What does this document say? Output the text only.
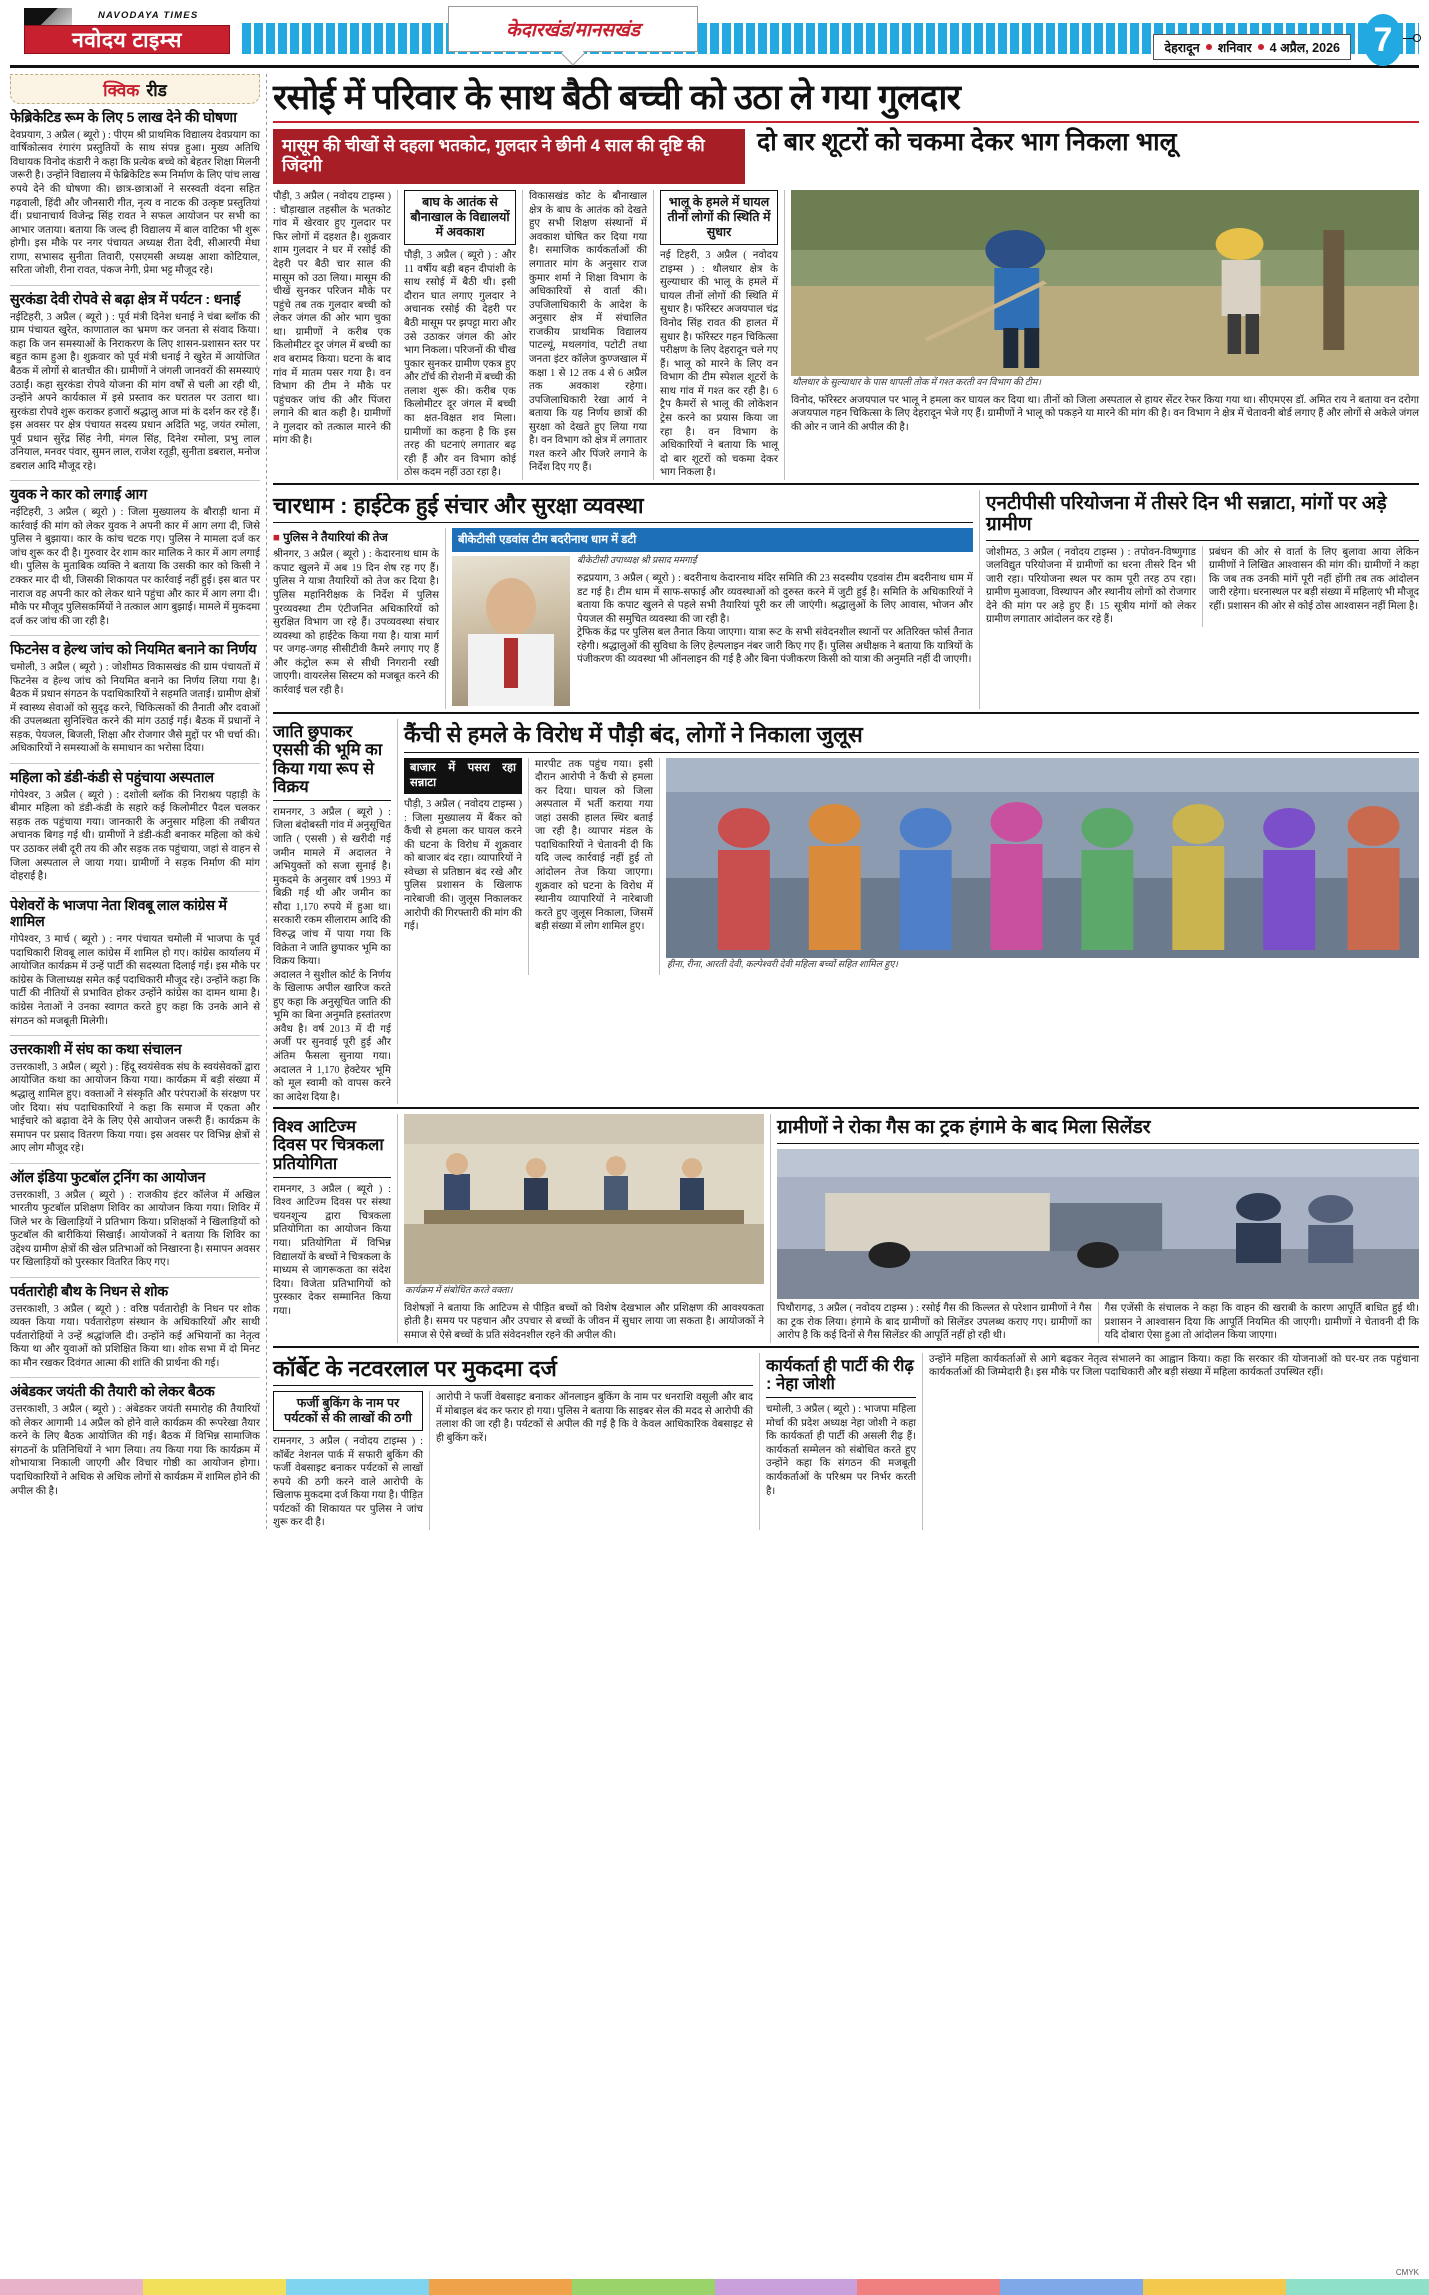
NAVODAYA TIMES
नवोदय टाइम्स	केदारखंड/मानसखंड
देहरादून शनिवार 4 अप्रैल, 2026 7
क्विक रीड
फेब्रिकेटिड रूम के लिए 5 लाख देने की घोषणा
देवप्रयाग, 3 अप्रैल ( ब्यूरो ) : पीएम श्री प्राथमिक विद्यालय देवप्रयाग का वार्षिकोत्सव रंगारंग प्रस्तुतियों के साथ संपन्न हुआ। मुख्य अतिथि विधायक विनोद कंडारी ने कहा कि प्रत्येक बच्चे को बेहतर शिक्षा मिलनी जरूरी है। उन्होंने विद्यालय में फेब्रिकेटिड रूम निर्माण के लिए पांच लाख रुपये देने की घोषणा की। छात्र-छात्राओं ने सरस्वती वंदना सहित गढ़वाली, हिंदी और जौनसारी गीत, नृत्य व नाटक की उत्कृष्ट प्रस्तुतियां दीं। प्रधानाचार्य विजेन्द्र सिंह रावत ने सफल आयोजन पर सभी का आभार जताया। बताया कि जल्द ही विद्यालय में बाल वाटिका भी शुरू होगी। इस मौके पर नगर पंचायत अध्यक्ष रीता देवी, सीआरपी मेधा राणा, सभासद सुनीता तिवारी, एसएमसी अध्यक्ष आशा कोटियाल, सरिता जोशी, रीना रावत, पंकज नेगी, प्रेमा भट्ट मौजूद रहे।
सुरकंडा देवी रोपवे से बढ़ा क्षेत्र में पर्यटन : धनाई
नईटिहरी, 3 अप्रैल ( ब्यूरो ) : पूर्व मंत्री दिनेश धनाई ने चंबा ब्लॉक की ग्राम पंचायत खुरेत, काणाताल का भ्रमण कर जनता से संवाद किया। कहा कि जन समस्याओं के निराकरण के लिए शासन-प्रशासन स्तर पर बहुत काम हुआ है। शुक्रवार को पूर्व मंत्री धनाई ने खुरेत में आयोजित बैठक में लोगों से बातचीत की। ग्रामीणों ने जंगली जानवरों की समस्याएं उठाईं। कहा सुरकंडा रोपवे योजना की मांग वर्षों से चली आ रही थी, उन्होंने अपने कार्यकाल में इसे प्रस्ताव कर घरातल पर उतारा था। सुरकंडा रोपवे शुरू कराकर हजारों श्रद्धालु आज मां के दर्शन कर रहे हैं। इस अवसर पर क्षेत्र पंचायत सदस्य प्रधान अदिति भट्ट, जयंत रमोला, पूर्व प्रधान सुरेंद्र सिंह नेगी, मंगल सिंह, दिनेश रमोला, प्रभु लाल उनियाल, मनवर पंवार, सुमन लाल, राजेश रतूड़ी, सुनीता डबराल, मनोज डबराल आदि मौजूद रहे।
युवक ने कार को लगाई आग
नईटिहरी, 3 अप्रैल ( ब्यूरो ) : जिला मुख्यालय के बौराड़ी थाना में कार्रवाई की मांग को लेकर युवक ने अपनी कार में आग लगा दी, जिसे पुलिस ने बुझाया। कार के कांच चटक गए। पुलिस ने मामला दर्ज कर जांच शुरू कर दी है। गुरुवार देर शाम कार मालिक ने कार में आग लगाई थी। पुलिस के मुताबिक व्यक्ति ने बताया कि उसकी कार को किसी ने टक्कर मार दी थी, जिसकी शिकायत पर कार्रवाई नहीं हुई। इस बात पर नाराज वह अपनी कार को लेकर थाने पहुंचा और कार में आग लगा दी। मौके पर मौजूद पुलिसकर्मियों ने तत्काल आग बुझाई। मामले में मुकदमा दर्ज कर जांच की जा रही है।
फिटनेस व हेल्थ जांच को नियमित बनाने का निर्णय
चमोली, 3 अप्रैल ( ब्यूरो ) : जोशीमठ विकासखंड की ग्राम पंचायतों में फिटनेस व हेल्थ जांच को नियमित बनाने का निर्णय लिया गया है। बैठक में प्रधान संगठन के पदाधिकारियों ने सहमति जताई। ग्रामीण क्षेत्रों में स्वास्थ्य सेवाओं को सुदृढ़ करने, चिकित्सकों की तैनाती और दवाओं की उपलब्धता सुनिश्चित करने की मांग उठाई गई। बैठक में प्रधानों ने सड़क, पेयजल, बिजली, शिक्षा और रोजगार जैसे मुद्दों पर भी चर्चा की। अधिकारियों ने समस्याओं के समाधान का भरोसा दिया।
महिला को डंडी-कंडी से पहुंचाया अस्पताल
गोपेश्वर, 3 अप्रैल ( ब्यूरो ) : दशोली ब्लॉक की निराश्रय पहाड़ी के बीमार महिला को डंडी-कंडी के सहारे कई किलोमीटर पैदल चलकर सड़क तक पहुंचाया गया। जानकारी के अनुसार महिला की तबीयत अचानक बिगड़ गई थी। ग्रामीणों ने डंडी-कंडी बनाकर महिला को कंधे पर उठाकर लंबी दूरी तय की और सड़क तक पहुंचाया, जहां से वाहन से जिला अस्पताल ले जाया गया। ग्रामीणों ने सड़क निर्माण की मांग दोहराई है।
पेशेवरों के भाजपा नेता शिवबू लाल कांग्रेस में शामिल
गोपेश्वर, 3 मार्च ( ब्यूरो ) : नगर पंचायत चमोली में भाजपा के पूर्व पदाधिकारी शिवबू लाल कांग्रेस में शामिल हो गए। कांग्रेस कार्यालय में आयोजित कार्यक्रम में उन्हें पार्टी की सदस्यता दिलाई गई। इस मौके पर कांग्रेस के जिलाध्यक्ष समेत कई पदाधिकारी मौजूद रहे। उन्होंने कहा कि पार्टी की नीतियों से प्रभावित होकर उन्होंने कांग्रेस का दामन थामा है। कांग्रेस नेताओं ने उनका स्वागत करते हुए कहा कि उनके आने से संगठन को मजबूती मिलेगी।
उत्तरकाशी में संघ का कथा संचालन
उत्तरकाशी, 3 अप्रैल ( ब्यूरो ) : हिंदू स्वयंसेवक संघ के स्वयंसेवकों द्वारा आयोजित कथा का आयोजन किया गया। कार्यक्रम में बड़ी संख्या में श्रद्धालु शामिल हुए। वक्ताओं ने संस्कृति और परंपराओं के संरक्षण पर जोर दिया। संघ पदाधिकारियों ने कहा कि समाज में एकता और भाईचारे को बढ़ावा देने के लिए ऐसे आयोजन जरूरी हैं। कार्यक्रम के समापन पर प्रसाद वितरण किया गया। इस अवसर पर विभिन्न क्षेत्रों से आए लोग मौजूद रहे।
ऑल इंडिया फुटबॉल ट्रनिंग का आयोजन
उत्तरकाशी, 3 अप्रैल ( ब्यूरो ) : राजकीय इंटर कॉलेज में अखिल भारतीय फुटबॉल प्रशिक्षण शिविर का आयोजन किया गया। शिविर में जिले भर के खिलाड़ियों ने प्रतिभाग किया। प्रशिक्षकों ने खिलाड़ियों को फुटबॉल की बारीकियां सिखाईं। आयोजकों ने बताया कि शिविर का उद्देश्य ग्रामीण क्षेत्रों की खेल प्रतिभाओं को निखारना है। समापन अवसर पर खिलाड़ियों को पुरस्कार वितरित किए गए।
पर्वतारोही बौथ के निधन से शोक
उत्तरकाशी, 3 अप्रैल ( ब्यूरो ) : वरिष्ठ पर्वतारोही के निधन पर शोक व्यक्त किया गया। पर्वतारोहण संस्थान के अधिकारियों और साथी पर्वतारोहियों ने उन्हें श्रद्धांजलि दी। उन्होंने कई अभियानों का नेतृत्व किया था और युवाओं को प्रशिक्षित किया था। शोक सभा में दो मिनट का मौन रखकर दिवंगत आत्मा की शांति की प्रार्थना की गई।
अंबेडकर जयंती की तैयारी को लेकर बैठक
उत्तरकाशी, 3 अप्रैल ( ब्यूरो ) : अंबेडकर जयंती समारोह की तैयारियों को लेकर आगामी 14 अप्रैल को होने वाले कार्यक्रम की रूपरेखा तैयार करने के लिए बैठक आयोजित की गई। बैठक में विभिन्न सामाजिक संगठनों के प्रतिनिधियों ने भाग लिया। तय किया गया कि कार्यक्रम में शोभायात्रा निकाली जाएगी और विचार गोष्ठी का आयोजन होगा। पदाधिकारियों ने अधिक से अधिक लोगों से कार्यक्रम में शामिल होने की अपील की है।
रसोई में परिवार के साथ बैठी बच्ची को उठा ले गया गुलदार
मासूम की चीखों से दहला भतकोट, गुलदार ने छीनी 4 साल की दृष्टि की जिंदगी
दो बार शूटरों को चकमा देकर भाग निकला भालू
पौड़ी, 3 अप्रैल ( नवोदय टाइम्स ) : चौड़ाखाल तहसील के भतकोट गांव में खेरवार हुए गुलदार पर फिर लोगों में दहशत है। शुक्रवार शाम गुलदार ने घर में रसोई की देहरी पर बैठी चार साल की मासूम को उठा लिया। मासूम की चीखें सुनकर परिजन मौके पर पहुंचे तब तक गुलदार बच्ची को लेकर जंगल की ओर भाग चुका था। ग्रामीणों ने करीब एक किलोमीटर दूर जंगल में बच्ची का शव बरामद किया। घटना के बाद गांव में मातम पसर गया है। वन विभाग की टीम ने मौके पर पहुंचकर जांच की और पिंजरा लगाने की बात कही है। ग्रामीणों ने गुलदार को तत्काल मारने की मांग की है।
बाघ के आतंक से बौनाखाल के विद्यालयों में अवकाश
पौड़ी, 3 अप्रैल ( ब्यूरो ) : और 11 वर्षीय बड़ी बहन दीपांशी के साथ रसोई में बैठी थी। इसी दौरान घात लगाए गुलदार ने अचानक रसोई की देहरी पर बैठी मासूम पर झपट्टा मारा और उसे उठाकर जंगल की ओर भाग निकला। परिजनों की चीख पुकार सुनकर ग्रामीण एकत्र हुए और टॉर्च की रोशनी में बच्ची की तलाश शुरू की। करीब एक किलोमीटर दूर जंगल में बच्ची का क्षत-विक्षत शव मिला। ग्रामीणों का कहना है कि इस तरह की घटनाएं लगातार बढ़ रही हैं और वन विभाग कोई ठोस कदम नहीं उठा रहा है।
विकासखंड कोट के बौनाखाल क्षेत्र के बाघ के आतंक को देखते हुए सभी शिक्षण संस्थानों में अवकाश घोषित कर दिया गया है। समाजिक कार्यकर्ताओं की लगातार मांग के अनुसार राज कुमार शर्मा ने शिक्षा विभाग के अधिकारियों से वार्ता की। उपजिलाधिकारी के आदेश के अनुसार क्षेत्र में संचालित राजकीय प्राथमिक विद्यालय पाटल्यूं, मथलगांव, पटोटी तथा जनता इंटर कॉलेज कुण्जखाल में कक्षा 1 से 12 तक 4 से 6 अप्रैल तक अवकाश रहेगा। उपजिलाधिकारी रेखा आर्य ने बताया कि यह निर्णय छात्रों की सुरक्षा को देखते हुए लिया गया है। वन विभाग को क्षेत्र में लगातार गश्त करने और पिंजरे लगाने के निर्देश दिए गए हैं।
भालू के हमले में घायल तीनों लोगों की स्थिति में सुधार
नई टिहरी, 3 अप्रैल ( नवोदय टाइम्स ) : थौलधार क्षेत्र के सुल्याधार की भालू के हमले में घायल तीनों लोगों की स्थिति में सुधार है। फॉरेस्टर अजयपाल चंद्र विनोद सिंह रावत की हालत में सुधार है। फॉरेस्टर गहन चिकित्सा परीक्षण के लिए देहरादून चले गए हैं। भालू को मारने के लिए वन विभाग की टीम स्पेशल शूटरों के साथ गांव में गश्त कर रही है। 6 ट्रैप कैमरों से भालू की लोकेशन ट्रेस करने का प्रयास किया जा रहा है। वन विभाग के अधिकारियों ने बताया कि भालू दो बार शूटरों को चकमा देकर भाग निकला है।
थौलधार के सुल्याधार के पास थापली तोक में गश्त करती वन विभाग की टीम।
विनोद, फॉरेस्टर अजयपाल पर भालू ने हमला कर घायल कर दिया था। तीनों को जिला अस्पताल से हायर सेंटर रेफर किया गया था। सीएमएस डॉ. अमित राय ने बताया वन दरोगा अजयपाल गहन चिकित्सा के लिए देहरादून भेजे गए हैं। ग्रामीणों ने भालू को पकड़ने या मारने की मांग की है। वन विभाग ने क्षेत्र में चेतावनी बोर्ड लगाए हैं और लोगों से अकेले जंगल की ओर न जाने की अपील की है।
चारधाम : हाईटेक हुई संचार और सुरक्षा व्यवस्था
■ पुलिस ने तैयारियां की तेज
श्रीनगर, 3 अप्रैल ( ब्यूरो ) : केदारनाथ धाम के कपाट खुलने में अब 19 दिन शेष रह गए हैं। पुलिस ने यात्रा तैयारियों को तेज कर दिया है। पुलिस महानिरीक्षक के निर्देश में पुलिस पुरव्यवस्था टीम एंटीजनित अधिकारियों को सुरक्षित विभाग जा रहे हैं। उपव्यवस्था संचार व्यवस्था को हाईटेक किया गया है। यात्रा मार्ग पर जगह-जगह सीसीटीवी कैमरे लगाए गए हैं और कंट्रोल रूम से सीधी निगरानी रखी जाएगी। वायरलेस सिस्टम को मजबूत करने की कार्रवाई चल रही है।
बीकेटीसी एडवांस टीम बदरीनाथ धाम में डटी
बीकेटीसी उपाध्यक्ष श्री प्रसाद ममगाईं
रुद्रप्रयाग, 3 अप्रैल ( ब्यूरो ) : बदरीनाथ केदारनाथ मंदिर समिति की 23 सदस्यीय एडवांस टीम बदरीनाथ धाम में डट गई है। टीम धाम में साफ-सफाई और व्यवस्थाओं को दुरुस्त करने में जुटी हुई है। समिति के अधिकारियों ने बताया कि कपाट खुलने से पहले सभी तैयारियां पूरी कर ली जाएंगी। श्रद्धालुओं के लिए आवास, भोजन और पेयजल की समुचित व्यवस्था की जा रही है।
ट्रेफिक केंद्र पर पुलिस बल तैनात किया जाएगा। यात्रा रूट के सभी संवेदनशील स्थानों पर अतिरिक्त फोर्स तैनात रहेगी। श्रद्धालुओं की सुविधा के लिए हेल्पलाइन नंबर जारी किए गए हैं। पुलिस अधीक्षक ने बताया कि यात्रियों के पंजीकरण की व्यवस्था भी ऑनलाइन की गई है और बिना पंजीकरण किसी को यात्रा की अनुमति नहीं दी जाएगी।
एनटीपीसी परियोजना में तीसरे दिन भी सन्नाटा, मांगों पर अड़े ग्रामीण
जोशीमठ, 3 अप्रैल ( नवोदय टाइम्स ) : तपोवन-विष्णुगाड जलविद्युत परियोजना में ग्रामीणों का धरना तीसरे दिन भी जारी रहा। परियोजना स्थल पर काम पूरी तरह ठप रहा। ग्रामीण मुआवजा, विस्थापन और स्थानीय लोगों को रोजगार देने की मांग पर अड़े हुए हैं। 15 सूत्रीय मांगों को लेकर ग्रामीण लगातार आंदोलन कर रहे हैं।
प्रबंधन की ओर से वार्ता के लिए बुलावा आया लेकिन ग्रामीणों ने लिखित आश्वासन की मांग की। ग्रामीणों ने कहा कि जब तक उनकी मांगें पूरी नहीं होंगी तब तक आंदोलन जारी रहेगा। धरनास्थल पर बड़ी संख्या में महिलाएं भी मौजूद रहीं। प्रशासन की ओर से कोई ठोस आश्वासन नहीं मिला है।
जाति छुपाकर एससी की भूमि का किया गया रूप से विक्रय
रामनगर, 3 अप्रैल ( ब्यूरो ) : जिला बंदोबस्ती गांव में अनुसूचित जाति ( एससी ) से खरीदी गई जमीन मामले में अदालत ने अभियुक्तों को सजा सुनाई है। मुकदमे के अनुसार वर्ष 1993 में बिक्री गई थी और जमीन का सौदा 1,170 रुपये में हुआ था। सरकारी रकम सीलाराम आदि की विरुद्ध जांच में पाया गया कि विक्रेता ने जाति छुपाकर भूमि का विक्रय किया।
अदालत ने सुशील कोर्ट के निर्णय के खिलाफ अपील खारिज करते हुए कहा कि अनुसूचित जाति की भूमि का बिना अनुमति हस्तांतरण अवैध है। वर्ष 2013 में दी गई अर्जी पर सुनवाई पूरी हुई और अंतिम फैसला सुनाया गया। अदालत ने 1,170 हेक्टेयर भूमि को मूल स्वामी को वापस करने का आदेश दिया है।
कैंची से हमले के विरोध में पौड़ी बंद, लोगों ने निकाला जुलूस
बाजार में पसरा रहा सन्नाटा
पौड़ी, 3 अप्रैल ( नवोदय टाइम्स ) : जिला मुख्यालय में बैंकर को कैंची से हमला कर घायल करने की घटना के विरोध में शुक्रवार को बाजार बंद रहा। व्यापारियों ने स्वेच्छा से प्रतिष्ठान बंद रखे और पुलिस प्रशासन के खिलाफ नारेबाजी की। जुलूस निकालकर आरोपी की गिरफ्तारी की मांग की गई।
मारपीट तक पहुंच गया। इसी दौरान आरोपी ने कैंची से हमला कर दिया। घायल को जिला अस्पताल में भर्ती कराया गया जहां उसकी हालत स्थिर बताई जा रही है। व्यापार मंडल के पदाधिकारियों ने चेतावनी दी कि यदि जल्द कार्रवाई नहीं हुई तो आंदोलन तेज किया जाएगा। शुक्रवार को घटना के विरोध में स्थानीय व्यापारियों ने नारेबाजी करते हुए जुलूस निकाला, जिसमें बड़ी संख्या में लोग शामिल हुए।
हीना, रीना, आरती देवी, कल्पेश्वरी देवी महिला बच्चों सहित शामिल हुए।
विश्व आटिज्म दिवस पर चित्रकला प्रतियोगिता
रामनगर, 3 अप्रैल ( ब्यूरो ) : विश्व आटिज्म दिवस पर संस्था चयनशून्य द्वारा चित्रकला प्रतियोगिता का आयोजन किया गया। प्रतियोगिता में विभिन्न विद्यालयों के बच्चों ने चित्रकला के माध्यम से जागरूकता का संदेश दिया। विजेता प्रतिभागियों को पुरस्कार देकर सम्मानित किया गया।
कार्यक्रम में संबोधित करते वक्ता।
विशेषज्ञों ने बताया कि आटिज्म से पीड़ित बच्चों को विशेष देखभाल और प्रशिक्षण की आवश्यकता होती है। समय पर पहचान और उपचार से बच्चों के जीवन में सुधार लाया जा सकता है। आयोजकों ने समाज से ऐसे बच्चों के प्रति संवेदनशील रहने की अपील की।
ग्रामीणों ने रोका गैस का ट्रक हंगामे के बाद मिला सिलेंडर
पिथौरागढ़, 3 अप्रैल ( नवोदय टाइम्स ) : रसोई गैस की किल्लत से परेशान ग्रामीणों ने गैस का ट्रक रोक लिया। हंगामे के बाद ग्रामीणों को सिलेंडर उपलब्ध कराए गए। ग्रामीणों का आरोप है कि कई दिनों से गैस सिलेंडर की आपूर्ति नहीं हो रही थी।
गैस एजेंसी के संचालक ने कहा कि वाहन की खराबी के कारण आपूर्ति बाधित हुई थी। प्रशासन ने आश्वासन दिया कि आपूर्ति नियमित की जाएगी। ग्रामीणों ने चेतावनी दी कि यदि दोबारा ऐसा हुआ तो आंदोलन किया जाएगा।
कॉर्बेट के नटवरलाल पर मुकदमा दर्ज
फर्जी बुकिंग के नाम पर पर्यटकों से की लाखों की ठगी
रामनगर, 3 अप्रैल ( नवोदय टाइम्स ) : कॉर्बेट नेशनल पार्क में सफारी बुकिंग की फर्जी वेबसाइट बनाकर पर्यटकों से लाखों रुपये की ठगी करने वाले आरोपी के खिलाफ मुकदमा दर्ज किया गया है। पीड़ित पर्यटकों की शिकायत पर पुलिस ने जांच शुरू कर दी है।
आरोपी ने फर्जी वेबसाइट बनाकर ऑनलाइन बुकिंग के नाम पर धनराशि वसूली और बाद में मोबाइल बंद कर फरार हो गया। पुलिस ने बताया कि साइबर सेल की मदद से आरोपी की तलाश की जा रही है। पर्यटकों से अपील की गई है कि वे केवल आधिकारिक वेबसाइट से ही बुकिंग करें।
कार्यकर्ता ही पार्टी की रीढ़ : नेहा जोशी
चमोली, 3 अप्रैल ( ब्यूरो ) : भाजपा महिला मोर्चा की प्रदेश अध्यक्ष नेहा जोशी ने कहा कि कार्यकर्ता ही पार्टी की असली रीढ़ हैं। कार्यकर्ता सम्मेलन को संबोधित करते हुए उन्होंने कहा कि संगठन की मजबूती कार्यकर्ताओं के परिश्रम पर निर्भर करती है।
उन्होंने महिला कार्यकर्ताओं से आगे बढ़कर नेतृत्व संभालने का आह्वान किया। कहा कि सरकार की योजनाओं को घर-घर तक पहुंचाना कार्यकर्ताओं की जिम्मेदारी है। इस मौके पर जिला पदाधिकारी और बड़ी संख्या में महिला कार्यकर्ता उपस्थित रहीं।
CMYK
